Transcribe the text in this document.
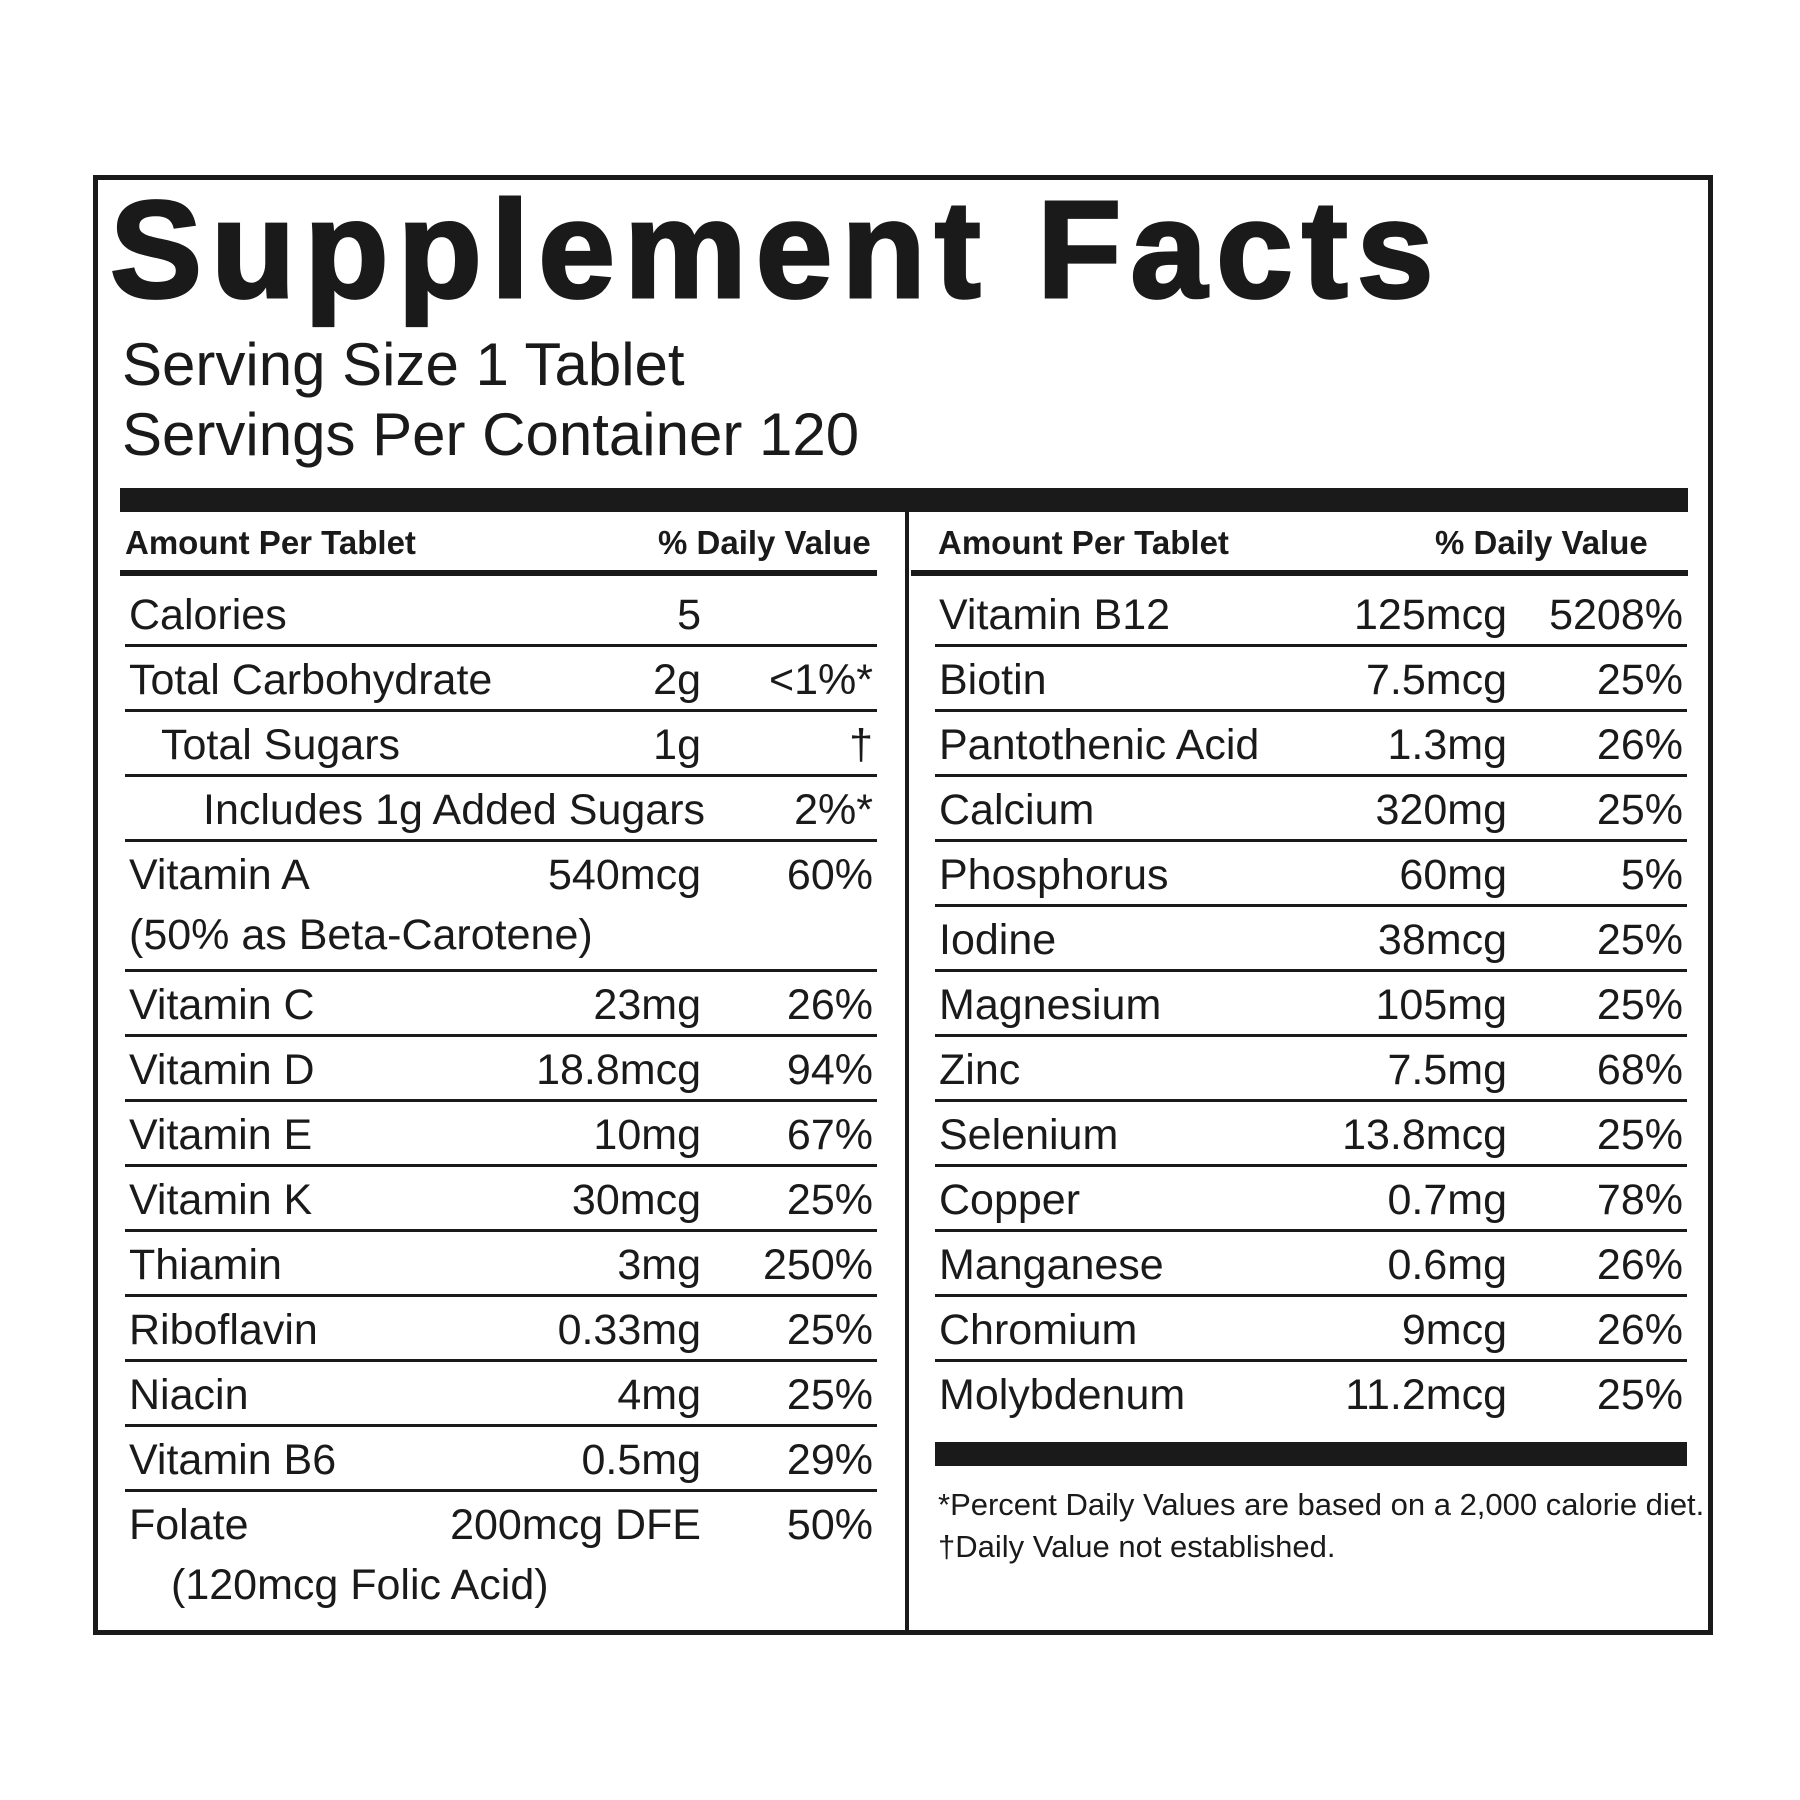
Supplement Facts
Serving Size 1 Tablet
Servings Per Container 120
Amount Per Tablet	% Daily Value Amount Per Tablet	% Daily Value
Calories	5
Total Carbohydrate	2g <1%*
Total Sugars	1g	†
Includes 1g Added Sugars 2%*
Vitamin A	540mcg 60%
(50% as Beta-Carotene)
Vitamin C	23mg 26%
Vitamin D	18.8mcg 94%
Vitamin E	10mg 67%
Vitamin K	30mcg 25%
Thiamin	3mg 250%
Riboflavin	0.33mg 25%
Niacin	4mg 25%
Vitamin B6	0.5mg 29%
Folate	200mcg DFE 50%
(120mcg Folic Acid)
Vitamin B12	125mcg 5208%
Biotin	7.5mcg 25%
Pantothenic Acid	1.3mg 26%
Calcium	320mg 25%
Phosphorus	60mg	5%
Iodine	38mcg 25%
Magnesium	105mg 25%
Zinc	7.5mg 68%
Selenium	13.8mcg 25%
Copper	0.7mg 78%
Manganese	0.6mg 26%
Chromium	9mcg 26%
Molybdenum	11.2mcg 25%
*Percent Daily Values are based on a 2,000 calorie diet.
†Daily Value not established.
